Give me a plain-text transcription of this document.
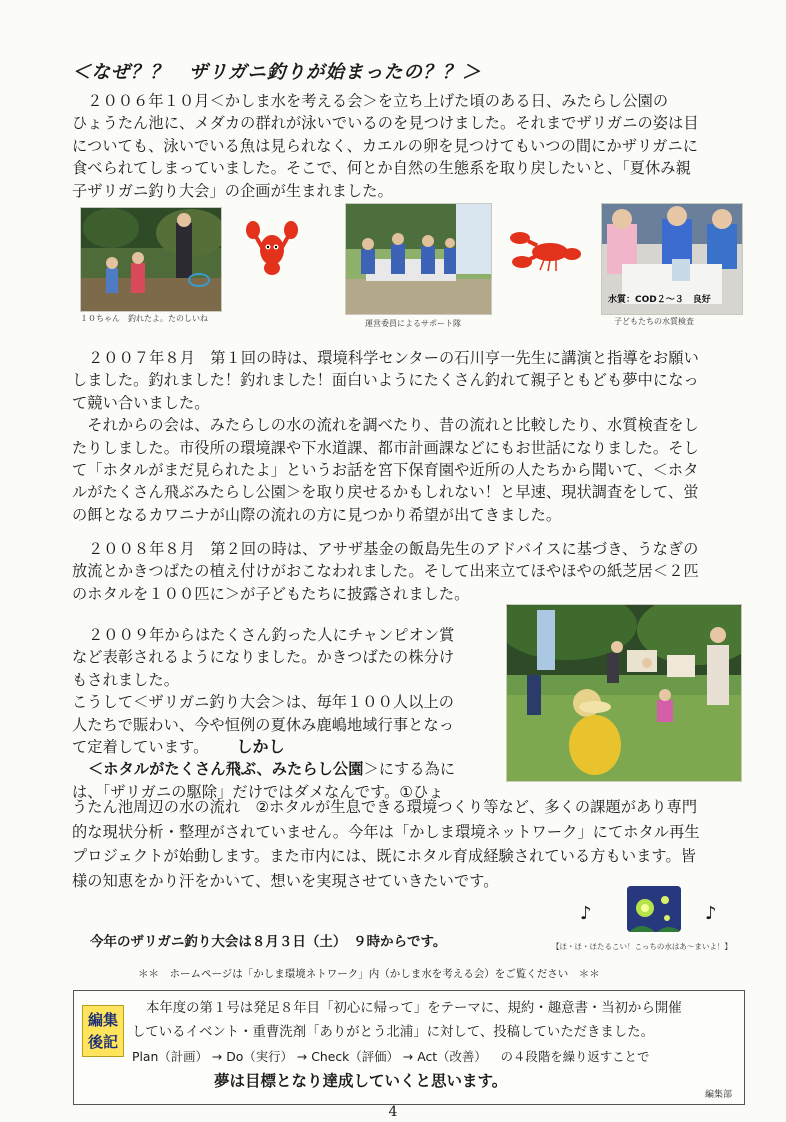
＜なぜ？？　ザリガニ釣りが始まったの？？＞
　２００６年１０月＜かしま水を考える会＞を立ち上げた頃のある日、みたらし公園の
ひょうたん池に、メダカの群れが泳いでいるのを見つけました。それまでザリガニの姿は目
についても、泳いでいる魚は見られなく、カエルの卵を見つけてもいつの間にかザリガニに
食べられてしまっていました。そこで、何とか自然の生態系を取り戻したいと、「夏休み親
子ザリガニ釣り大会」の企画が生まれました。
１０ちゃん　釣れたよ。たのしいね
運営委員によるサポート隊
水質：COD２～３　良好
子どもたちの水質検査
２００７年８月　第１回の時は、環境科学センターの石川亨一先生に講演と指導をお願い
しました。釣れました！釣れました！面白いようにたくさん釣れて親子ともども夢中になっ
て競い合いました。
　それからの会は、みたらしの水の流れを調べたり、昔の流れと比較したり、水質検査をし
たりしました。市役所の環境課や下水道課、都市計画課などにもお世話になりました。そし
て「ホタルがまだ見られたよ」というお話を宮下保育園や近所の人たちから聞いて、＜ホタ
ルがたくさん飛ぶみたらし公園＞を取り戻せるかもしれない！と早速、現状調査をして、蛍
の餌となるカワニナが山際の流れの方に見つかり希望が出てきました。
２００８年８月　第２回の時は、アサザ基金の飯島先生のアドバイスに基づき、うなぎの
放流とかきつばたの植え付けがおこなわれました。そして出来立てほやほやの紙芝居＜２匹
のホタルを１００匹に＞が子どもたちに披露されました。
２００９年からはたくさん釣った人にチャンピオン賞
など表彰されるようになりました。かきつばたの株分け
もされました。
こうして＜ザリガニ釣り大会＞は、毎年１００人以上の
人たちで賑わい、今や恒例の夏休み鹿嶋地域行事となっ
て定着しています。 しかし
＜ホタルがたくさん飛ぶ、みたらし公園＞にする為に
は、「ザリガニの駆除」だけではダメなんです。①ひょ
うたん池周辺の水の流れ　②ホタルが生息できる環境つくり等など、多くの課題があり専門
的な現状分析・整理がされていません。今年は「かしま環境ネットワーク」にてホタル再生
プロジェクトが始動します。また市内には、既にホタル育成経験されている方もいます。皆
様の知恵をかり汗をかいて、想いを実現させていきたいです。
♪	♪
【ほ・ほ・ほたるこい！こっちの水はあ～まいよ！】
今年のザリガニ釣り大会は８月３日（土）　９時からです。
＊＊　ホームページは「かしま環境ネトワーク」内（かしま水を考える会）をご覧ください　＊＊
編集
後記
本年度の第１号は発足８年目「初心に帰って」をテーマに、規約・趣意書・当初から開催
しているイベント・重曹洗剤「ありがとう北浦」に対して、投稿していただきました。
Plan（計画） → Do（実行） → Check（評価） → Act（改善） の４段階を繰り返すことで
夢は目標となり達成していくと思います。
編集部
4
